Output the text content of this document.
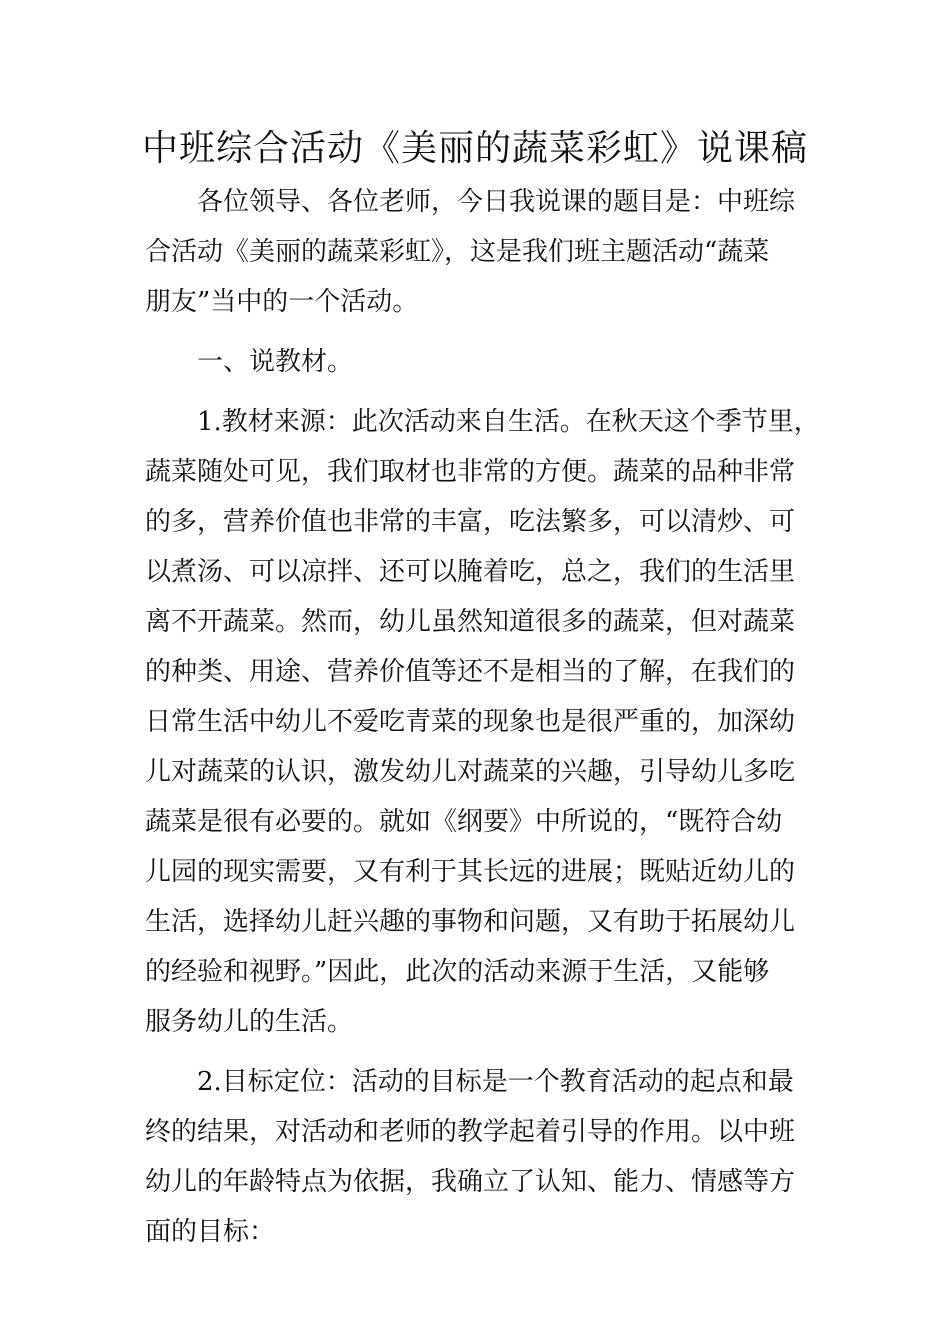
中班综合活动《美丽的蔬菜彩虹》说课稿
各位领导、各位老师，今日我说课的题目是：中班综
合活动《美丽的蔬菜彩虹》，这是我们班主题活动“蔬菜
朋友”当中的一个活动。
一、说教材。
1.教材来源：此次活动来自生活。在秋天这个季节里，
蔬菜随处可见，我们取材也非常的方便。蔬菜的品种非常
的多，营养价值也非常的丰富，吃法繁多，可以清炒、可
以煮汤、可以凉拌、还可以腌着吃，总之，我们的生活里
离不开蔬菜。然而，幼儿虽然知道很多的蔬菜，但对蔬菜
的种类、用途、营养价值等还不是相当的了解，在我们的
日常生活中幼儿不爱吃青菜的现象也是很严重的，加深幼
儿对蔬菜的认识，激发幼儿对蔬菜的兴趣，引导幼儿多吃
蔬菜是很有必要的。就如《纲要》中所说的，“既符合幼
儿园的现实需要，又有利于其长远的进展；既贴近幼儿的
生活，选择幼儿赶兴趣的事物和问题，又有助于拓展幼儿
的经验和视野。”因此，此次的活动来源于生活，又能够
服务幼儿的生活。
2.目标定位：活动的目标是一个教育活动的起点和最
终的结果，对活动和老师的教学起着引导的作用。以中班
幼儿的年龄特点为依据，我确立了认知、能力、情感等方
面的目标：
